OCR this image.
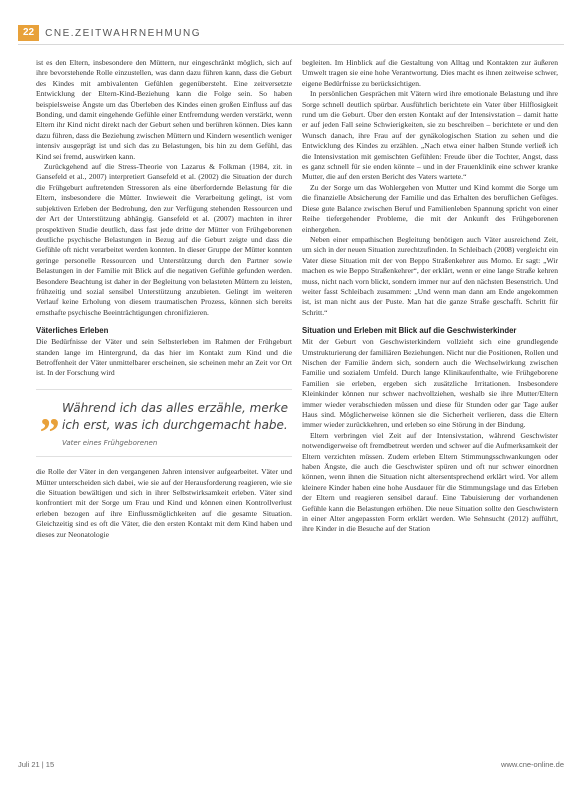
22	CNE.ZEITWAHRNEHMUNG

ist es den Eltern, insbesondere den Müttern, nur eingeschränkt möglich, sich auf ihre bevorstehende Rolle einzustellen, was dann dazu führen kann, dass die Geburt des Kindes mit ambivalenten Gefühlen gegenübersteht. Eine zeitversetzte Entwicklung der Eltern-Kind-Beziehung kann die Folge sein. So haben beispielsweise Ängste um das Überleben des Kindes einen großen Einfluss auf das Bonding, und damit eingehende Gefühle einer Entfremdung werden verstärkt, wenn Eltern ihr Kind nicht direkt nach der Geburt sehen und berühren können. Dies kann dazu führen, dass die Beziehung zwischen Müttern und Kindern wesentlich weniger intensiv ausgeprägt ist und sich das zu Belastungen, bis hin zu dem Gefühl, das Kind sei fremd, auswirken kann.

Zurückgehend auf die Stress-Theorie von Lazarus & Folkman (1984, zit. in Gansefeld et al., 2007) interpretiert Gansefeld et al. (2002) die Situation der durch die Frühgeburt auftretenden Stressoren als eine überfordernde Belastung für die Eltern, insbesondere die Mütter. Inwieweit die Verarbeitung gelingt, ist vom subjektiven Erleben der Bedrohung, den zur Verfügung stehenden Ressourcen und der Art der Unterstützung abhängig. Gansefeld et al. (2007) machten in ihrer prospektiven Studie deutlich, dass fast jede dritte der Mütter von Frühgeborenen deutliche psychische Belastungen in Bezug auf die Geburt zeigte und dass die Gefühle oft nicht verarbeitet werden konnten. In dieser Gruppe der Mütter konnten geringe personelle Ressourcen und Unterstützung durch den Partner sowie Belastungen in der Familie mit Blick auf die negativen Gefühle gefunden werden. Besondere Beachtung ist daher in der Begleitung von belasteten Müttern zu leisten, frühzeitig und sozial sensibel Unterstützung anzubieten. Gelingt im weiteren Verlauf keine Erholung von diesem traumatischen Prozess, können sich bereits ernsthafte psychische Beeinträchtigungen chronifizieren.

Väterliches Erleben

Die Bedürfnisse der Väter und sein Selbsterleben im Rahmen der Frühgeburt standen lange im Hintergrund, da das hier im Kontakt zum Kind und die Betroffenheit der Väter unmittelbarer erscheinen, sie scheinen mehr an Zeit vor Ort ist. In der Forschung wird

„ Während ich das alles erzähle, merke ich erst, was ich durchgemacht habe.
Vater eines Frühgeborenen

die Rolle der Väter in den vergangenen Jahren intensiver aufgearbeitet. Väter und Mütter unterscheiden sich dabei, wie sie auf der Herausforderung reagieren, wie sie die Situation bewältigen und sich in ihrer Selbstwirksamkeit erleben. Väter sind konfrontiert mit der Sorge um Frau und Kind und können einen Kontrollverlust erleben bezogen auf ihre Einflussmöglichkeiten auf die gesamte Situation. Gleichzeitig sind es oft die Väter, die den ersten Kontakt mit dem Kind haben und dieses zur Neonatologie

begleiten. Im Hinblick auf die Gestaltung von Alltag und Kontakten zur äußeren Umwelt tragen sie eine hohe Verantwortung. Dies macht es ihnen zeitweise schwer, eigene Bedürfnisse zu berücksichtigen.

In persönlichen Gesprächen mit Vätern wird ihre emotionale Belastung und ihre Sorge schnell deutlich spürbar. Ausführlich berichtete ein Vater über Hilflosigkeit rund um die Geburt. Über den ersten Kontakt auf der Intensivstation – damit hatte er auf jeden Fall seine Schwierigkeiten, sie zu beschreiben – berichtete er und den Wunsch danach, ihre Frau auf der gynäkologischen Station zu sehen und die Entwicklung des Kindes zu erzählen. „Nach etwa einer halben Stunde verließ ich die Intensivstation mit gemischten Gefühlen: Freude über die Tochter, Angst, dass es ganz schnell für sie enden könnte – und in der Frauenklinik eine schwer kranke Mutter, die auf den ersten Bericht des Vaters wartete.“

Zu der Sorge um das Wohlergehen von Mutter und Kind kommt die Sorge um die finanzielle Absicherung der Familie und das Erhalten des beruflichen Gefüges. Diese gute Balance zwischen Beruf und Familienleben Spannung spricht von einer Reihe tiefergehender Probleme, die mit der Ankunft des Frühgeborenen einhergehen.

Neben einer empathischen Begleitung benötigen auch Väter ausreichend Zeit, um sich in der neuen Situation zurechtzufinden. In Schleibach (2008) vergleicht ein Vater diese Situation mit der von Beppo Straßenkehrer aus Momo. Er sagt: „Wir machen es wie Beppo Straßenkehrer“, der erklärt, wenn er eine lange Straße kehren muss, nicht nach vorn blickt, sondern immer nur auf den nächsten Besenstrich. Und weiter fasst Schleibach zusammen: „Und wenn man dann am Ende angekommen ist, ist man nicht aus der Puste. Man hat die ganze Straße geschafft. Schritt für Schritt.“

Situation und Erleben mit Blick auf die Geschwisterkinder

Mit der Geburt von Geschwisterkindern vollzieht sich eine grundlegende Umstrukturierung der familiären Beziehungen. Nicht nur die Positionen, Rollen und Nischen der Familie ändern sich, sondern auch die Wechselwirkung zwischen Familie und sozialem Umfeld. Durch lange Klinikaufenthalte, wie Frühgeborene Familien sie erleben, ergeben sich zusätzliche Irritationen. Insbesondere Kleinkinder können nur schwer nachvollziehen, weshalb sie ihre Mutter/Eltern immer wieder verabschieden müssen und diese für Stunden oder gar Tage außer Haus sind. Möglicherweise können sie die Sicherheit verlieren, dass die Eltern immer wieder zurückkehren, und erleben so eine Störung in der Bindung.

Eltern verbringen viel Zeit auf der Intensivstation, während Geschwister notwendigerweise oft fremdbetreut werden und schwer auf die Aufmerksamkeit der Eltern verzichten müssen. Zudem erleben Eltern Stimmungsschwankungen oder haben Ängste, die auch die Geschwister spüren und oft nur schwer einordnen können, wenn ihnen die Situation nicht altersentsprechend erklärt wird. Vor allem kleinere Kinder haben eine hohe Ausdauer für die Stimmungslage und das Erleben der Eltern und reagieren sensibel darauf. Eine Tabuisierung der vorhandenen Gefühle kann die Belastungen erhöhen. Die neue Situation sollte den Geschwistern in einer Alter angepassten Form erklärt werden. Wie Sehnsucht (2012) aufführt, ihre Kinder in die Besuche auf der Station

Juli 21 | 15	www.cne-online.de
